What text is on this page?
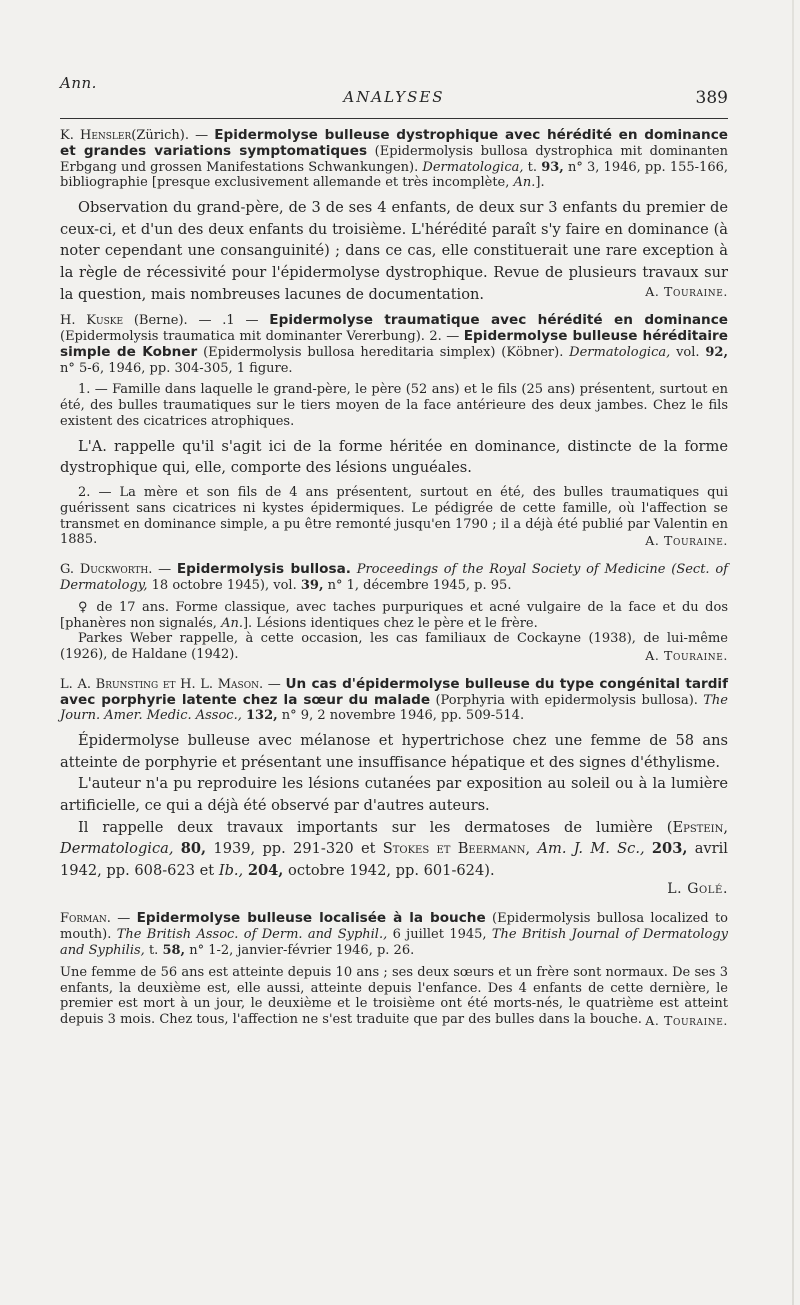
Ann.
ANALYSES	389

K. Hensler(Zürich). — Epidermolyse bulleuse dystrophique avec hérédité en dominance et grandes variations symptomatiques (Epidermolysis bullosa dystrophica mit dominanten Erbgang und grossen Manifestations Schwankungen). Dermatologica, t. 93, n° 3, 1946, pp. 155-166, bibliographie [presque exclusivement allemande et très incomplète, An.].

Observation du grand-père, de 3 de ses 4 enfants, de deux sur 3 enfants du premier de ceux-ci, et d'un des deux enfants du troisième. L'hérédité paraît s'y faire en dominance (à noter cependant une consanguinité) ; dans ce cas, elle constituerait une rare exception à la règle de récessivité pour l'épidermolyse dystrophique. Revue de plusieurs travaux sur la question, mais nombreuses lacunes de documentation.	A. Touraine.

H. Kuske (Berne). — .1 — Epidermolyse traumatique avec hérédité en dominance (Epidermolysis traumatica mit dominanter Vererbung). 2. — Epidermolyse bulleuse héréditaire simple de Kobner (Epidermolysis bullosa hereditaria simplex) (Köbner). Dermatologica, vol. 92, n° 5-6, 1946, pp. 304-305, 1 figure.

1. — Famille dans laquelle le grand-père, le père (52 ans) et le fils (25 ans) présentent, surtout en été, des bulles traumatiques sur le tiers moyen de la face antérieure des deux jambes. Chez le fils existent des cicatrices atrophiques.

L'A. rappelle qu'il s'agit ici de la forme héritée en dominance, distincte de la forme dystrophique qui, elle, comporte des lésions unguéales.

2. — La mère et son fils de 4 ans présentent, surtout en été, des bulles traumatiques qui guérissent sans cicatrices ni kystes épidermiques. Le pédigrée de cette famille, où l'affection se transmet en dominance simple, a pu être remonté jusqu'en 1790 ; il a déjà été publié par Valentin en 1885.	A. Touraine.

G. Duckworth. — Epidermolysis bullosa. Proceedings of the Royal Society of Medicine (Sect. of Dermatology, 18 octobre 1945), vol. 39, n° 1, décembre 1945, p. 95.

♀ de 17 ans. Forme classique, avec taches purpuriques et acné vulgaire de la face et du dos [phanères non signalés, An.]. Lésions identiques chez le père et le frère.

Parkes Weber rappelle, à cette occasion, les cas familiaux de Cockayne (1938), de lui-même (1926), de Haldane (1942).	A. Touraine.

L. A. Brunsting et H. L. Mason. — Un cas d'épidermolyse bulleuse du type congénital tardif avec porphyrie latente chez la sœur du malade (Porphyria with epidermolysis bullosa). The Journ. Amer. Medic. Assoc., 132, n° 9, 2 novembre 1946, pp. 509-514.

Épidermolyse bulleuse avec mélanose et hypertrichose chez une femme de 58 ans atteinte de porphyrie et présentant une insuffisance hépatique et des signes d'éthylisme.

L'auteur n'a pu reproduire les lésions cutanées par exposition au soleil ou à la lumière artificielle, ce qui a déjà été observé par d'autres auteurs.

Il rappelle deux travaux importants sur les dermatoses de lumière (Epstein, Dermatologica, 80, 1939, pp. 291-320 et Stokes et Beermann, Am. J. M. Sc., 203, avril 1942, pp. 608-623 et Ib., 204, octobre 1942, pp. 601-624).

L. Golé.

Forman. — Epidermolyse bulleuse localisée à la bouche (Epidermolysis bullosa localized to mouth). The British Assoc. of Derm. and Syphil., 6 juillet 1945, The British Journal of Dermatology and Syphilis, t. 58, n° 1-2, janvier-février 1946, p. 26.

Une femme de 56 ans est atteinte depuis 10 ans ; ses deux sœurs et un frère sont normaux. De ses 3 enfants, la deuxième est, elle aussi, atteinte depuis l'enfance. Des 4 enfants de cette dernière, le premier est mort à un jour, le deuxième et le troisième ont été morts-nés, le quatrième est atteint depuis 3 mois. Chez tous, l'affection ne s'est traduite que par des bulles dans la bouche. A. Touraine.
